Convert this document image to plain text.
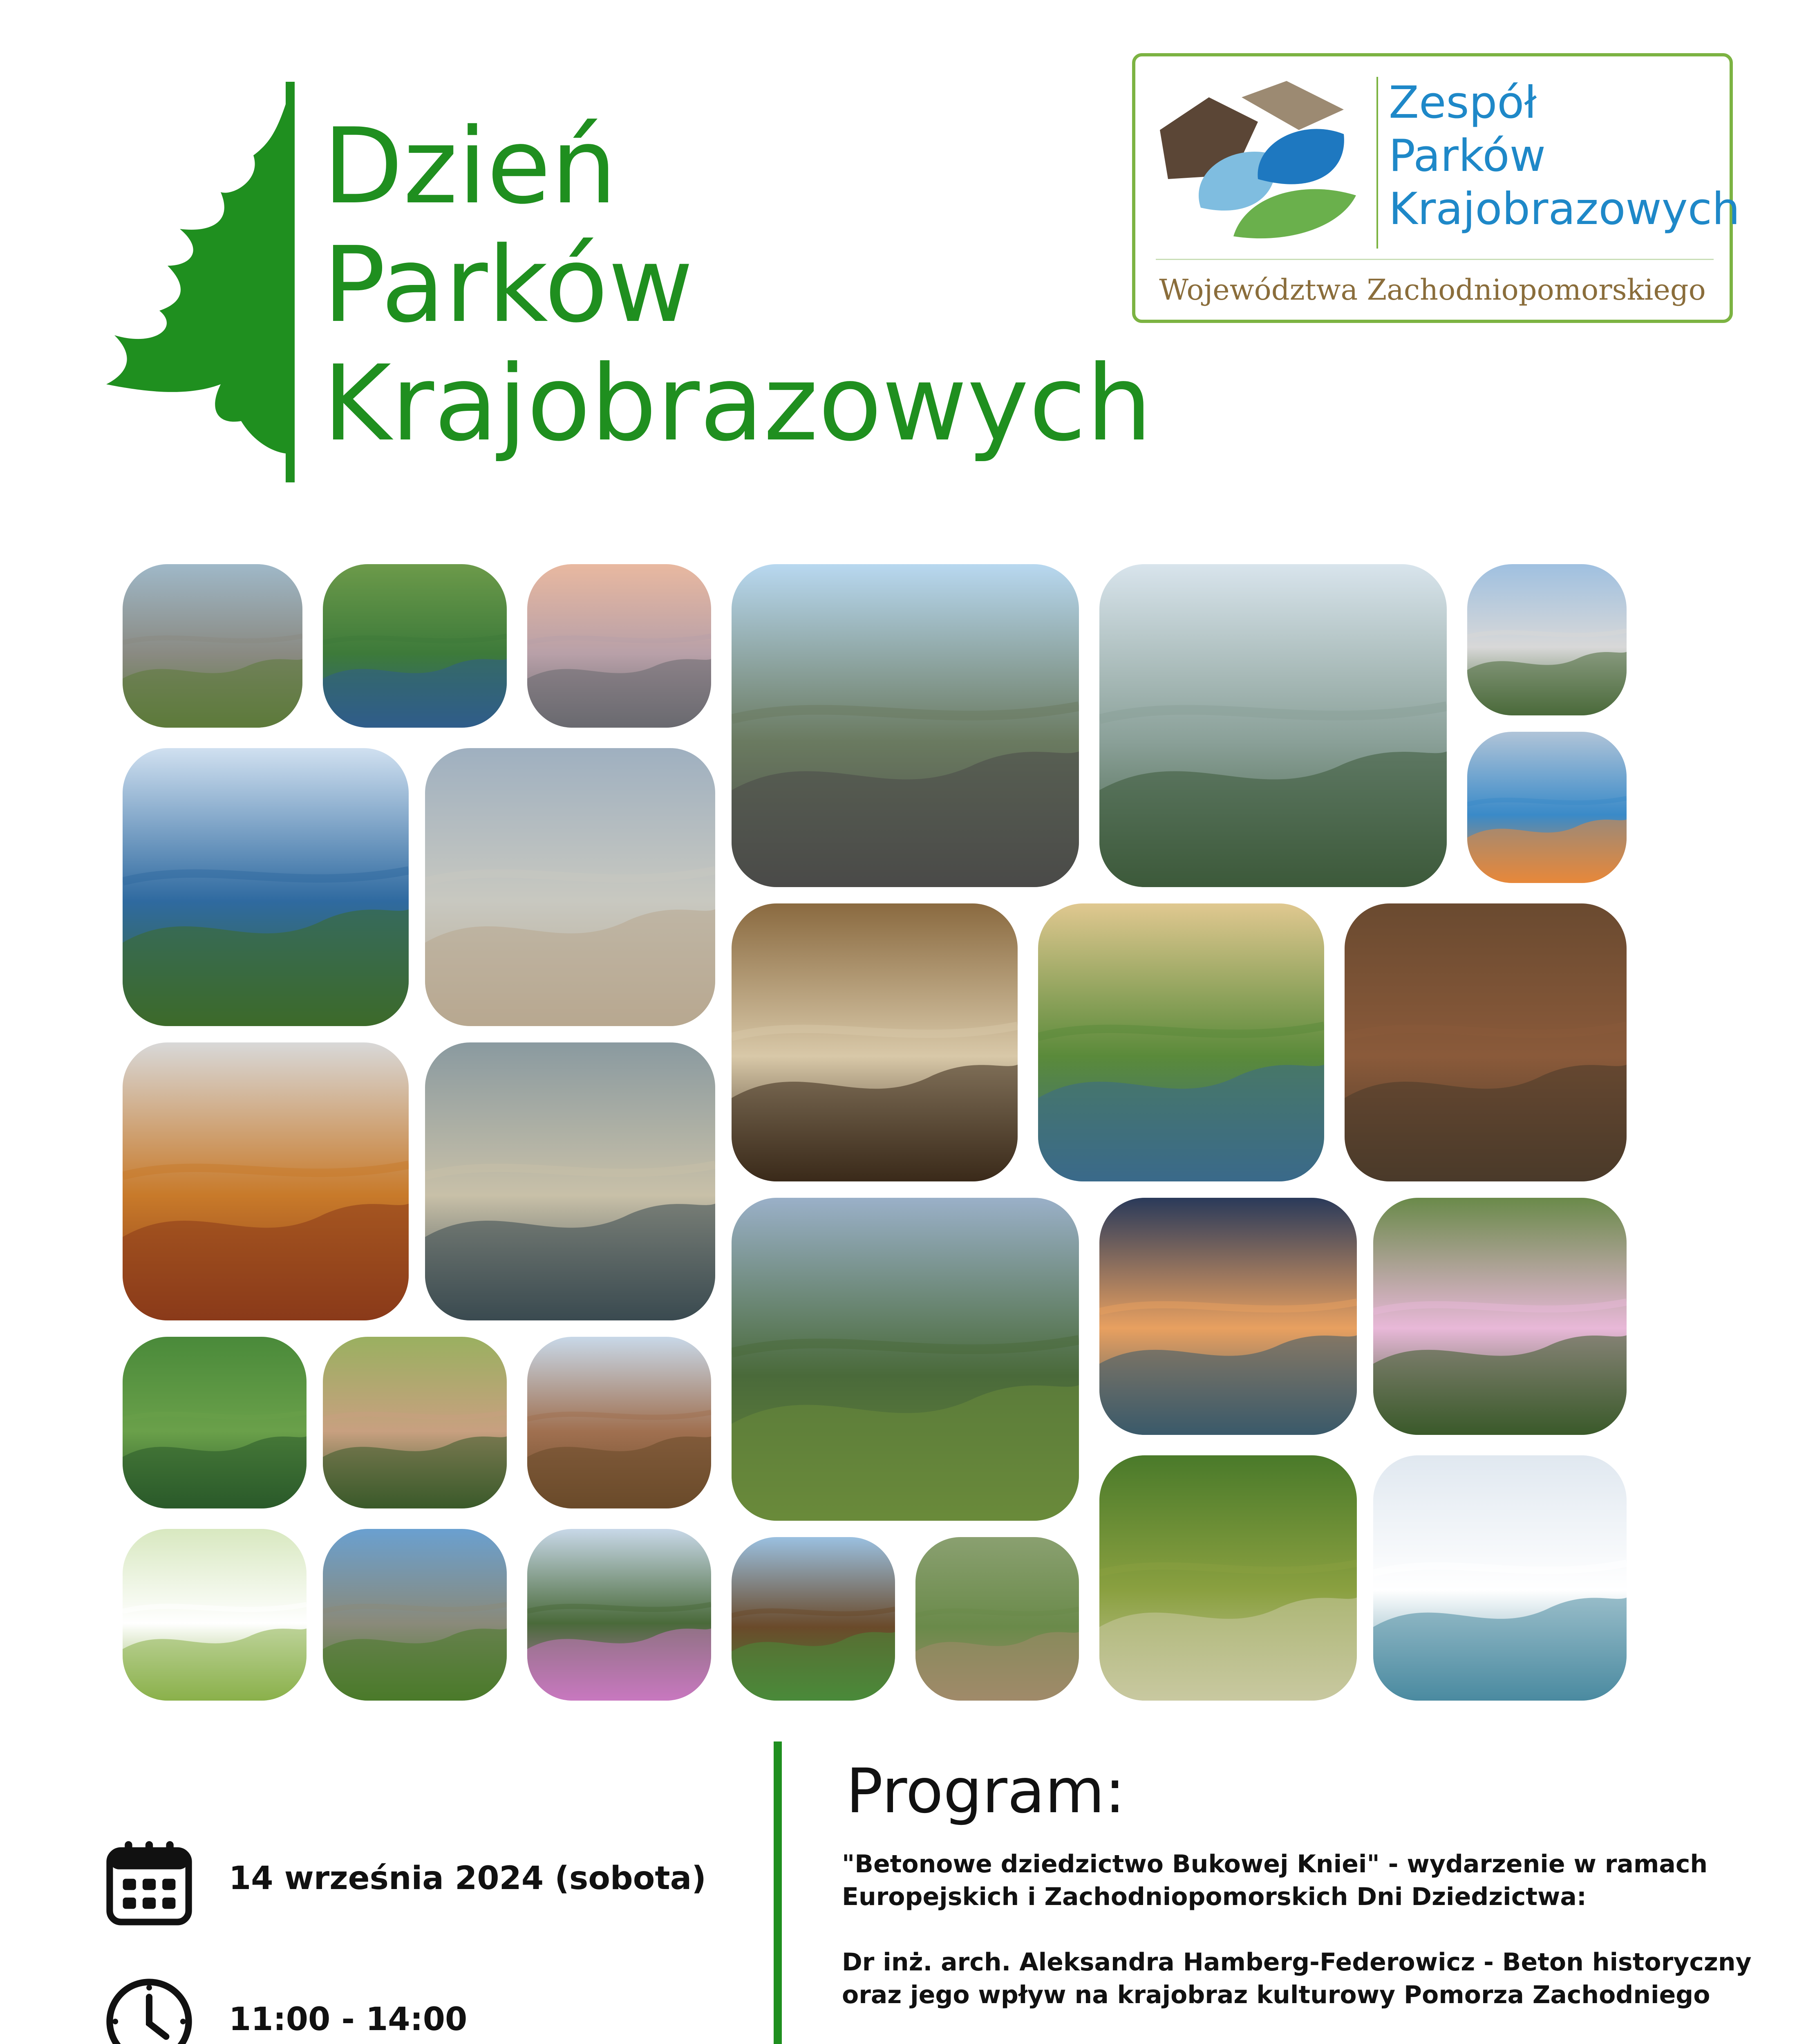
Dzień
Parków
Krajobrazowych
Zespół
Parków
Krajobrazowych
Województwa Zachodniopomorskiego
14 września 2024 (sobota)
11:00 - 14:00
Program:
"Betonowe dziedzictwo Bukowej Kniei" - wydarzenie w ramach Europejskich i Zachodniopomorskich Dni Dziedzictwa:
Dr inż. arch. Aleksandra Hamberg-Federowicz - Beton historyczny oraz jego wpływ na krajobraz kulturowy Pomorza Zachodniego
